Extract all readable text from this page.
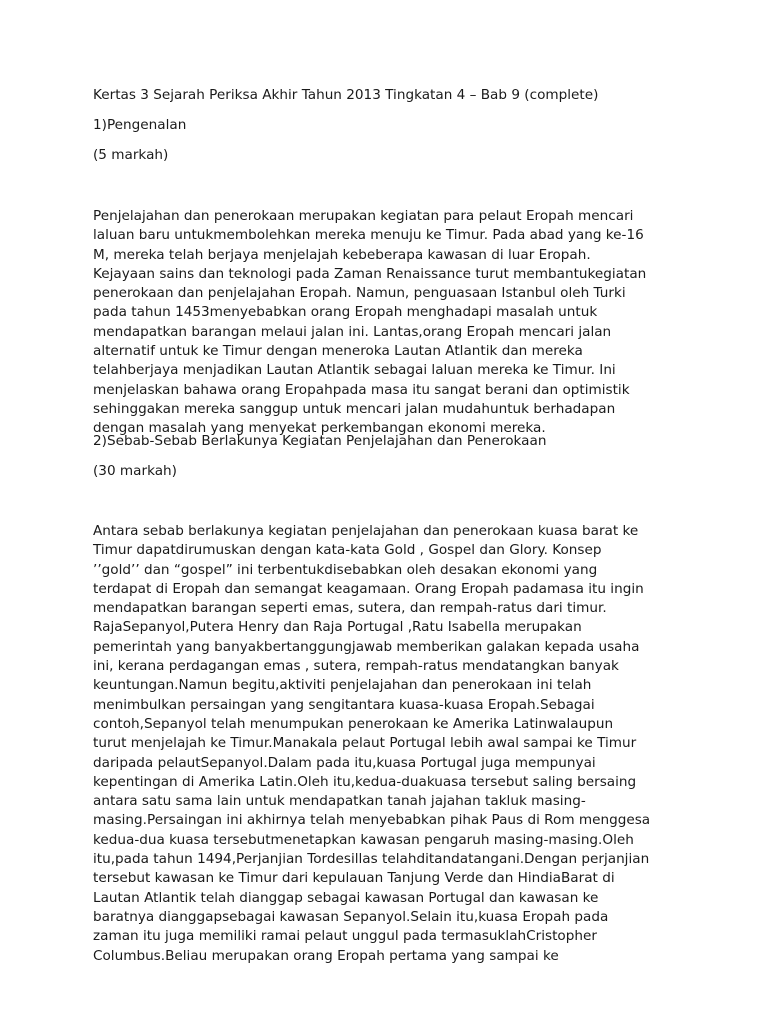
Kertas 3 Sejarah Periksa Akhir Tahun 2013 Tingkatan 4 – Bab 9 (complete)

1)Pengenalan

(5 markah)

Penjelajahan dan penerokaan merupakan kegiatan para pelaut Eropah mencari
laluan baru untukmembolehkan mereka menuju ke Timur. Pada abad yang ke-16
M, mereka telah berjaya menjelajah kebeberapa kawasan di luar Eropah.
Kejayaan sains dan teknologi pada Zaman Renaissance turut membantukegiatan
penerokaan dan penjelajahan Eropah. Namun, penguasaan Istanbul oleh Turki
pada tahun 1453menyebabkan orang Eropah menghadapi masalah untuk
mendapatkan barangan melaui jalan ini. Lantas,orang Eropah mencari jalan
alternatif untuk ke Timur dengan meneroka Lautan Atlantik dan mereka
telahberjaya menjadikan Lautan Atlantik sebagai laluan mereka ke Timur. Ini
menjelaskan bahawa orang Eropahpada masa itu sangat berani dan optimistik
sehinggakan mereka sanggup untuk mencari jalan mudahuntuk berhadapan
dengan masalah yang menyekat perkembangan ekonomi mereka.

2)Sebab-Sebab Berlakunya Kegiatan Penjelajahan dan Penerokaan

(30 markah)

Antara sebab berlakunya kegiatan penjelajahan dan penerokaan kuasa barat ke
Timur dapatdirumuskan dengan kata-kata Gold , Gospel dan Glory. Konsep
’’gold’’ dan “gospel” ini terbentukdisebabkan oleh desakan ekonomi yang
terdapat di Eropah dan semangat keagamaan. Orang Eropah padamasa itu ingin
mendapatkan barangan seperti emas, sutera, dan rempah-ratus dari timur.
RajaSepanyol,Putera Henry dan Raja Portugal ,Ratu Isabella merupakan
pemerintah yang banyakbertanggungjawab memberikan galakan kepada usaha
ini, kerana perdagangan emas , sutera, rempah-ratus mendatangkan banyak
keuntungan.Namun begitu,aktiviti penjelajahan dan penerokaan ini telah
menimbulkan persaingan yang sengitantara kuasa-kuasa Eropah.Sebagai
contoh,Sepanyol telah menumpukan penerokaan ke Amerika Latinwalaupun
turut menjelajah ke Timur.Manakala pelaut Portugal lebih awal sampai ke Timur
daripada pelautSepanyol.Dalam pada itu,kuasa Portugal juga mempunyai
kepentingan di Amerika Latin.Oleh itu,kedua-duakuasa tersebut saling bersaing
antara satu sama lain untuk mendapatkan tanah jajahan takluk masing-
masing.Persaingan ini akhirnya telah menyebabkan pihak Paus di Rom menggesa
kedua-dua kuasa tersebutmenetapkan kawasan pengaruh masing-masing.Oleh
itu,pada tahun 1494,Perjanjian Tordesillas telahditandatangani.Dengan perjanjian
tersebut kawasan ke Timur dari kepulauan Tanjung Verde dan HindiaBarat di
Lautan Atlantik telah dianggap sebagai kawasan Portugal dan kawasan ke
baratnya dianggapsebagai kawasan Sepanyol.Selain itu,kuasa Eropah pada
zaman itu juga memiliki ramai pelaut unggul pada termasuklahCristopher
Columbus.Beliau merupakan orang Eropah pertama yang sampai ke
